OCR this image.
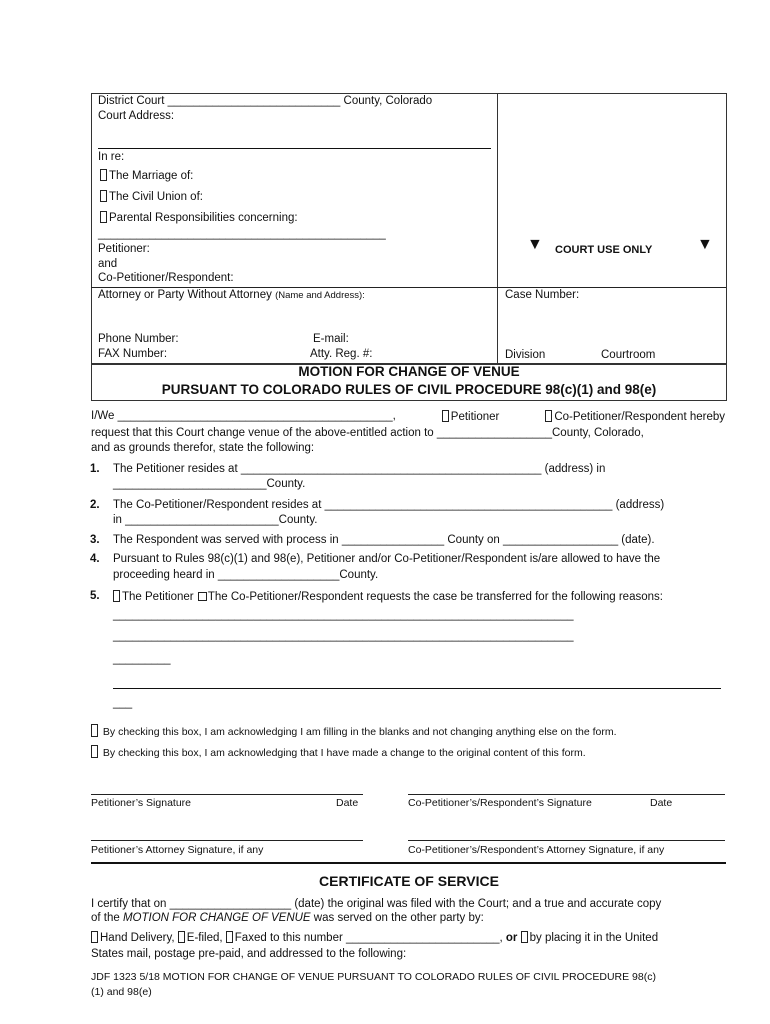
District Court ___________________________ County, Colorado
Court Address:
In re:
The Marriage of:
The Civil Union of:
Parental Responsibilities concerning:
_____________________________________________
Petitioner:
and
Co-Petitioner/Respondent:
Attorney or Party Without Attorney (Name and Address):
Phone Number:	E-mail:
FAX Number:	Atty. Reg. #:
▼ COURT USE ONLY	▼
Case Number:
Division	Courtroom
MOTION FOR CHANGE OF VENUE
PURSUANT TO COLORADO RULES OF CIVIL PROCEDURE 98(c)(1) and 98(e)
I/We ___________________________________________,	Petitioner	Co-Petitioner/Respondent hereby
request that this Court change venue of the above-entitled action to __________________County, Colorado,
and as grounds therefor, state the following:
1. The Petitioner resides at _______________________________________________ (address) in
________________________County.
2. The Co-Petitioner/Respondent resides at _____________________________________________ (address)
in ________________________County.
3. The Respondent was served with process in ________________ County on __________________ (date).
4. Pursuant to Rules 98(c)(1) and 98(e), Petitioner and/or Co-Petitioner/Respondent is/are allowed to have the
proceeding heard in ___________________County.
5.	The Petitioner The Co-Petitioner/Respondent requests the case be transferred for the following reasons:
________________________________________________________________________
________________________________________________________________________
_________
___
By checking this box, I am acknowledging I am filling in the blanks and not changing anything else on the form.
By checking this box, I am acknowledging that I have made a change to the original content of this form.
Petitioner’s Signature	Date	Co-Petitioner’s/Respondent’s Signature	Date
Petitioner’s Attorney Signature, if any	Co-Petitioner’s/Respondent’s Attorney Signature, if any
CERTIFICATE OF SERVICE
I certify that on ___________________ (date) the original was filed with the Court; and a true and accurate copy
of the MOTION FOR CHANGE OF VENUE was served on the other party by:
Hand Delivery, E-filed, Faxed to this number ________________________, or by placing it in the United
States mail, postage pre-paid, and addressed to the following:
JDF 1323 5/18 MOTION FOR CHANGE OF VENUE PURSUANT TO COLORADO RULES OF CIVIL PROCEDURE 98(c)
(1) and 98(e)
